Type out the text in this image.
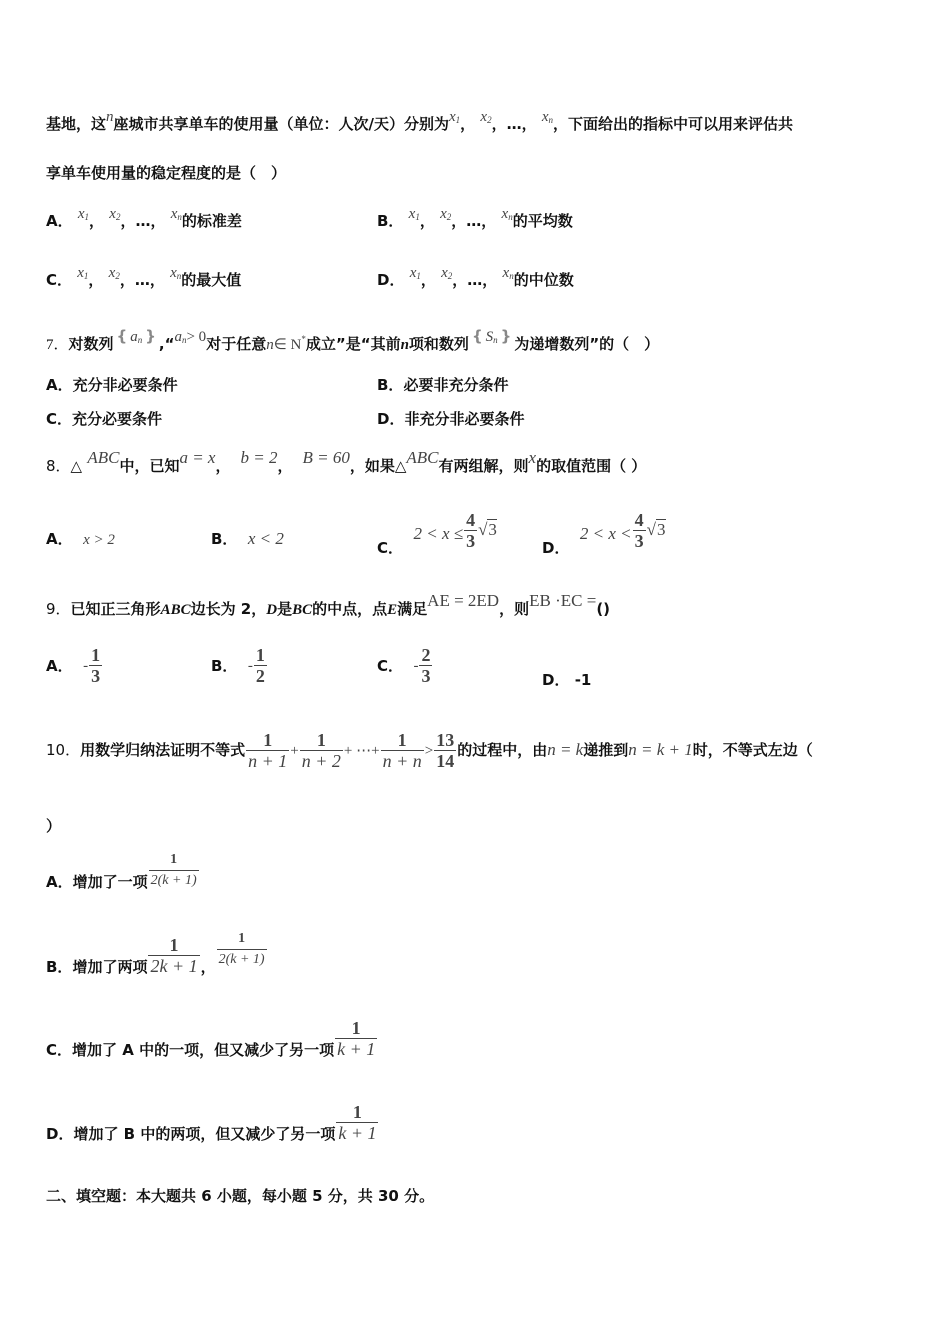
基地，这n座城市共享单车的使用量（单位：人次/天）分别为$x_1$， $x_2$，…， $x_n$，下面给出的指标中可以用来评估共
享单车使用量的稳定程度的是（　）
A． $x_1$， $x_2$，…， $x_n$的标准差	B． $x_1$， $x_2$，…， $x_n$的平均数
C． $x_1$， $x_2$，…， $x_n$的最大值	D． $x_1$， $x_2$，…， $x_n$的中位数
7．对数列 { $a_n$ } $,“a_n> 0$对于任意n∈ N*成立”是“其前n项和数列 { $S_n$ } 为递增数列”的（　）
A．充分非必要条件	B．必要非充分条件
C．充分必要条件	D．非充分非必要条件
8．△ ABC中，已知a = x， b = 2， B = 60，如果△ABC有两组解，则x的取值范围（ ）
A． x > 2	B． x < 2	C．  $2 < x \le \frac{4}{3} √3$
D．  $2 < x < \frac{4}{3} √3$
9．已知正三角形ABC边长为 2，D是BC的中点，点E满足AE = 2ED，则EB ·EC =()
A． - $\frac{1}{3}$	B． - $\frac{1}{2}$	C． - $\frac{2}{3}$	D． -1
10．用数学归纳法证明不等式 $\frac{1}{n + 1} + \frac{1}{n + 2}$ + ⋯+ $\frac{1}{n + n} > \frac{13}{14}$ 的过程中，由n = k递推到n = k + 1时，不等式左边（
）
A．增加了一项 $\frac{1}{2(k + 1)}$
B．增加了两项 $\frac{1}{2k + 1}$ ， $\frac{1}{2(k + 1)}$
C．增加了 A 中的一项，但又减少了另一项 $\frac{1}{k + 1}$
D．增加了 B 中的两项，但又减少了另一项 $\frac{1}{k + 1}$
二、填空题：本大题共 6 小题，每小题 5 分，共 30 分。
